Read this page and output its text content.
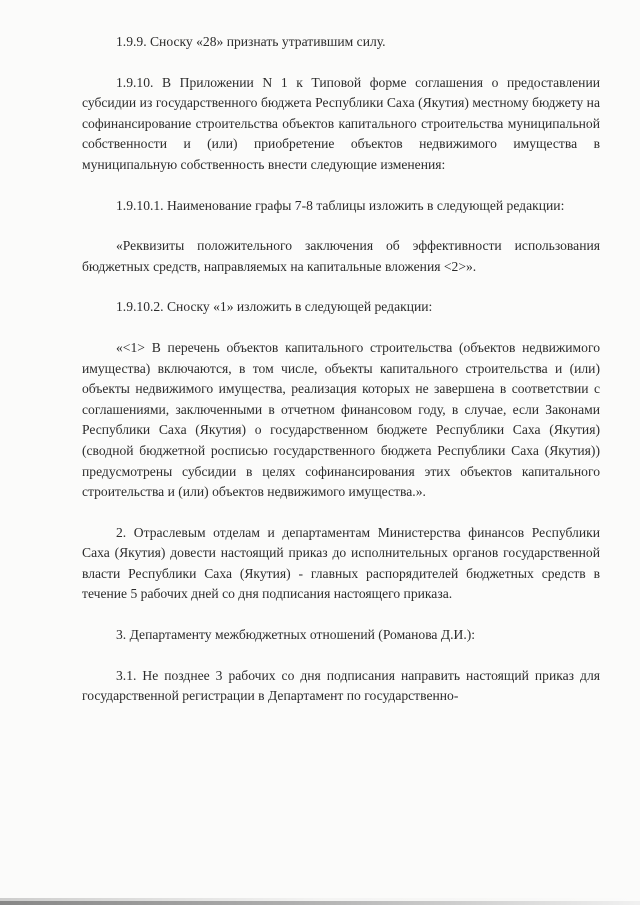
1.9.9. Сноску «28» признать утратившим силу.

1.9.10. В Приложении N 1 к Типовой форме соглашения о предоставлении субсидии из государственного бюджета Республики Саха (Якутия) местному бюджету на софинансирование строительства объектов капитального строительства муниципальной собственности и (или) приобретение объектов недвижимого имущества в муниципальную собственность внести следующие изменения:

1.9.10.1. Наименование графы 7-8 таблицы изложить в следующей редакции:

«Реквизиты положительного заключения об эффективности использования бюджетных средств, направляемых на капитальные вложения <2>».

1.9.10.2. Сноску «1» изложить в следующей редакции:

«<1> В перечень объектов капитального строительства (объектов недвижимого имущества) включаются, в том числе, объекты капитального строительства и (или) объекты недвижимого имущества, реализация которых не завершена в соответствии с соглашениями, заключенными в отчетном финансовом году, в случае, если Законами Республики Саха (Якутия) о государственном бюджете Республики Саха (Якутия) (сводной бюджетной росписью государственного бюджета Республики Саха (Якутия)) предусмотрены субсидии в целях софинансирования этих объектов капитального строительства и (или) объектов недвижимого имущества.».

2. Отраслевым отделам и департаментам Министерства финансов Республики Саха (Якутия) довести настоящий приказ до исполнительных органов государственной власти Республики Саха (Якутия) - главных распорядителей бюджетных средств в течение 5 рабочих дней со дня подписания настоящего приказа.

3. Департаменту межбюджетных отношений (Романова Д.И.):

3.1. Не позднее 3 рабочих со дня подписания направить настоящий приказ для государственной регистрации в Департамент по государственно-
